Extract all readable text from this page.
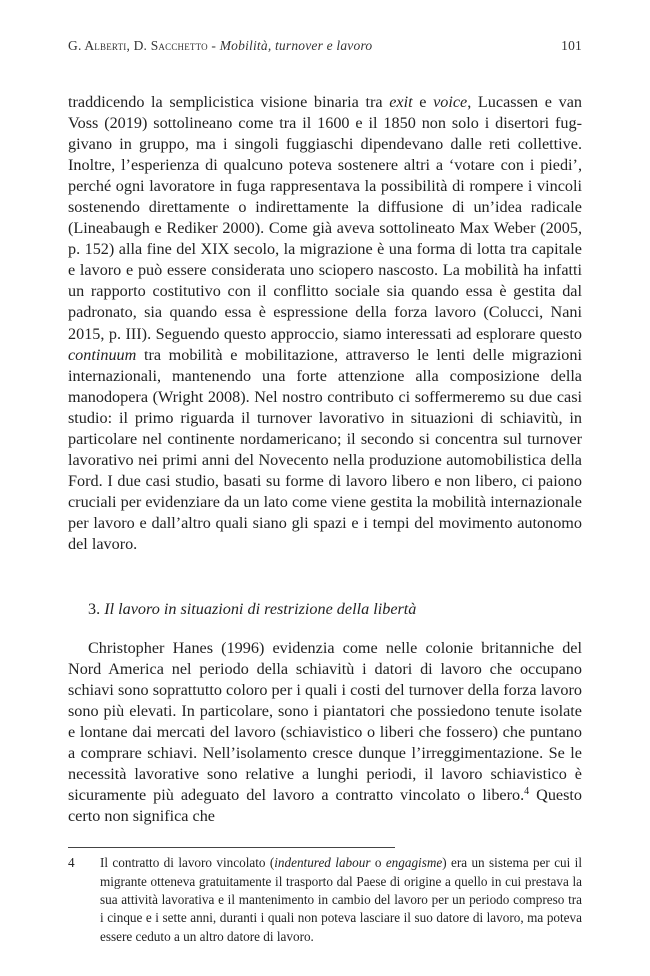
G. Alberti, D. Sacchetto - Mobilità, turnover e lavoro	101

traddicendo la semplicistica visione binaria tra exit e voice, Lucassen e van Voss (2019) sottolineano come tra il 1600 e il 1850 non solo i disertori fuggivano in gruppo, ma i singoli fuggiaschi dipendevano dalle reti collettive. Inoltre, l’esperienza di qualcuno poteva sostenere altri a ‘votare con i piedi’, perché ogni lavoratore in fuga rappresentava la possibilità di rompere i vincoli sostenendo direttamente o indirettamente la diffusione di un’idea radicale (Lineabaugh e Rediker 2000). Come già aveva sottolineato Max Weber (2005, p. 152) alla fine del XIX secolo, la migrazione è una forma di lotta tra capitale e lavoro e può essere considerata uno sciopero nascosto. La mobilità ha infatti un rapporto costitutivo con il conflitto sociale sia quando essa è gestita dal padronato, sia quando essa è espressione della forza lavoro (Colucci, Nani 2015, p. III). Seguendo questo approccio, siamo interessati ad esplorare questo continuum tra mobilità e mobilitazione, attraverso le lenti delle migrazioni internazionali, mantenendo una forte attenzione alla composizione della manodopera (Wright 2008). Nel nostro contributo ci soffermeremo su due casi studio: il primo riguarda il turnover lavorativo in situazioni di schiavitù, in particolare nel continente nordamericano; il secondo si concentra sul turnover lavorativo nei primi anni del Novecento nella produzione automobilistica della Ford. I due casi studio, basati su forme di lavoro libero e non libero, ci paiono cruciali per evidenziare da un lato come viene gestita la mobilità internazionale per lavoro e dall’altro quali siano gli spazi e i tempi del movimento autonomo del lavoro.

3. Il lavoro in situazioni di restrizione della libertà

Christopher Hanes (1996) evidenzia come nelle colonie britanniche del Nord America nel periodo della schiavitù i datori di lavoro che occupano schiavi sono soprattutto coloro per i quali i costi del turnover della forza lavoro sono più elevati. In particolare, sono i piantatori che possiedono tenute isolate e lontane dai mercati del lavoro (schiavistico o liberi che fossero) che puntano a comprare schiavi. Nell’isolamento cresce dunque l’irreggimentazione. Se le necessità lavorative sono relative a lunghi periodi, il lavoro schiavistico è sicuramente più adeguato del lavoro a contratto vincolato o libero.$^4$ Questo certo non significa che

4	Il contratto di lavoro vincolato (indentured labour o engagisme) era un sistema per cui il migrante otteneva gratuitamente il trasporto dal Paese di origine a quello in cui prestava la sua attività lavorativa e il mantenimento in cambio del lavoro per un periodo compreso tra i cinque e i sette anni, duranti i quali non poteva lasciare il suo datore di lavoro, ma poteva essere ceduto a un altro datore di lavoro.
